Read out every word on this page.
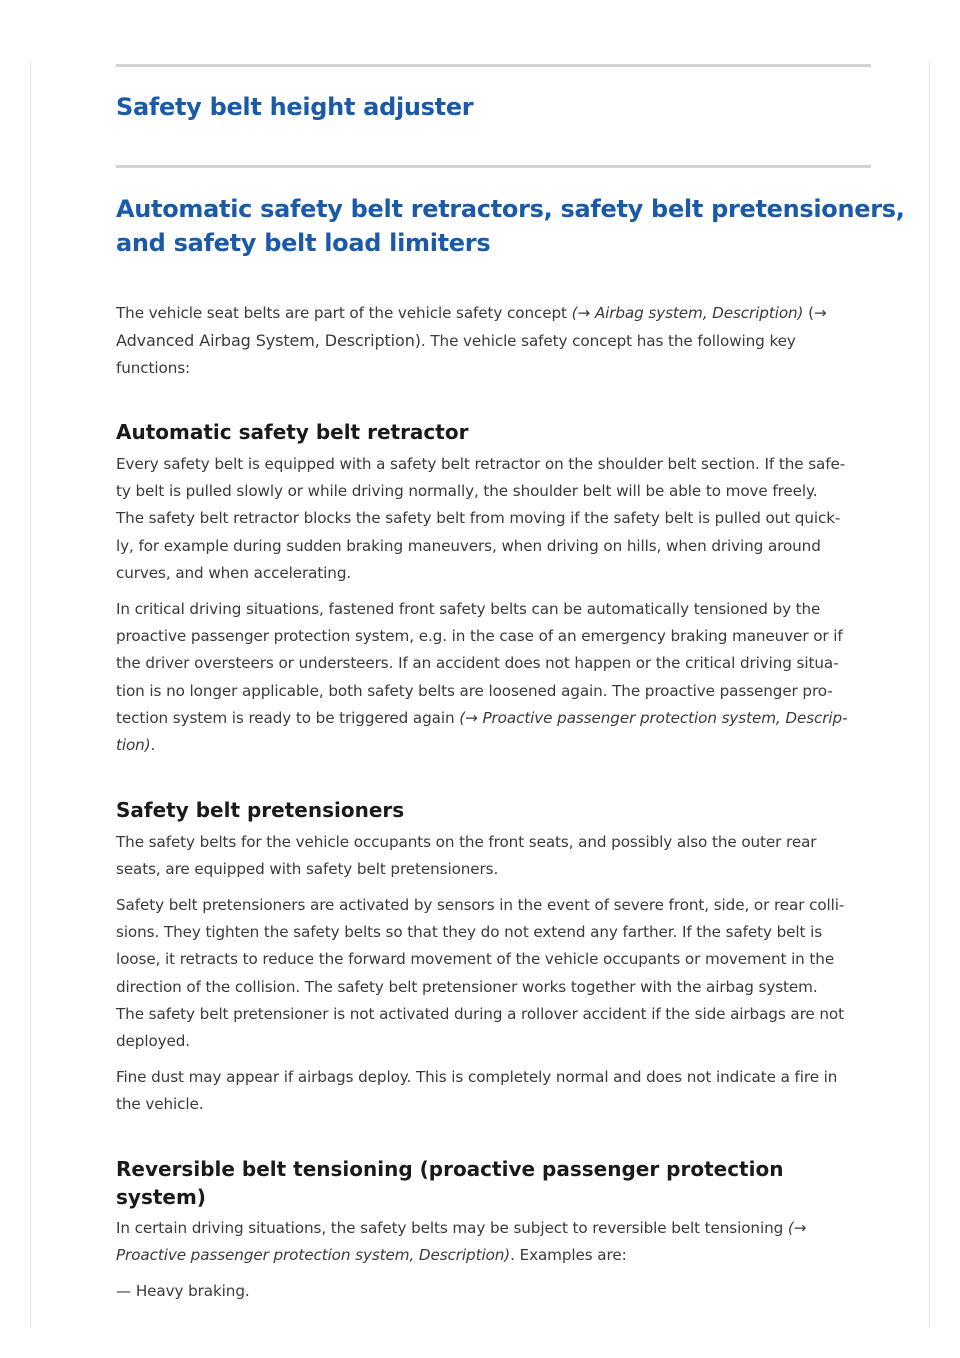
Safety belt height adjuster
Automatic safety belt retractors, safety belt pretensioners,
and safety belt load limiters

The vehicle seat belts are part of the vehicle safety concept (→ Airbag system, Description) (→

Advanced Airbag System, Description). The vehicle safety concept has the following key

functions:

Automatic safety belt retractor

Every safety belt is equipped with a safety belt retractor on the shoulder belt section. If the safe-

ty belt is pulled slowly or while driving normally, the shoulder belt will be able to move freely.

The safety belt retractor blocks the safety belt from moving if the safety belt is pulled out quick-

ly, for example during sudden braking maneuvers, when driving on hills, when driving around

curves, and when accelerating.

In critical driving situations, fastened front safety belts can be automatically tensioned by the

proactive passenger protection system, e.g. in the case of an emergency braking maneuver or if

the driver oversteers or understeers. If an accident does not happen or the critical driving situa-

tion is no longer applicable, both safety belts are loosened again. The proactive passenger pro-

tection system is ready to be triggered again (→ Proactive passenger protection system, Descrip-

tion).

Safety belt pretensioners

The safety belts for the vehicle occupants on the front seats, and possibly also the outer rear

seats, are equipped with safety belt pretensioners.

Safety belt pretensioners are activated by sensors in the event of severe front, side, or rear colli-

sions. They tighten the safety belts so that they do not extend any farther. If the safety belt is

loose, it retracts to reduce the forward movement of the vehicle occupants or movement in the

direction of the collision. The safety belt pretensioner works together with the airbag system.

The safety belt pretensioner is not activated during a rollover accident if the side airbags are not

deployed.

Fine dust may appear if airbags deploy. This is completely normal and does not indicate a fire in

the vehicle.

Reversible belt tensioning (proactive passenger protection
system)

In certain driving situations, the safety belts may be subject to reversible belt tensioning (→

Proactive passenger protection system, Description). Examples are:

— Heavy braking.
